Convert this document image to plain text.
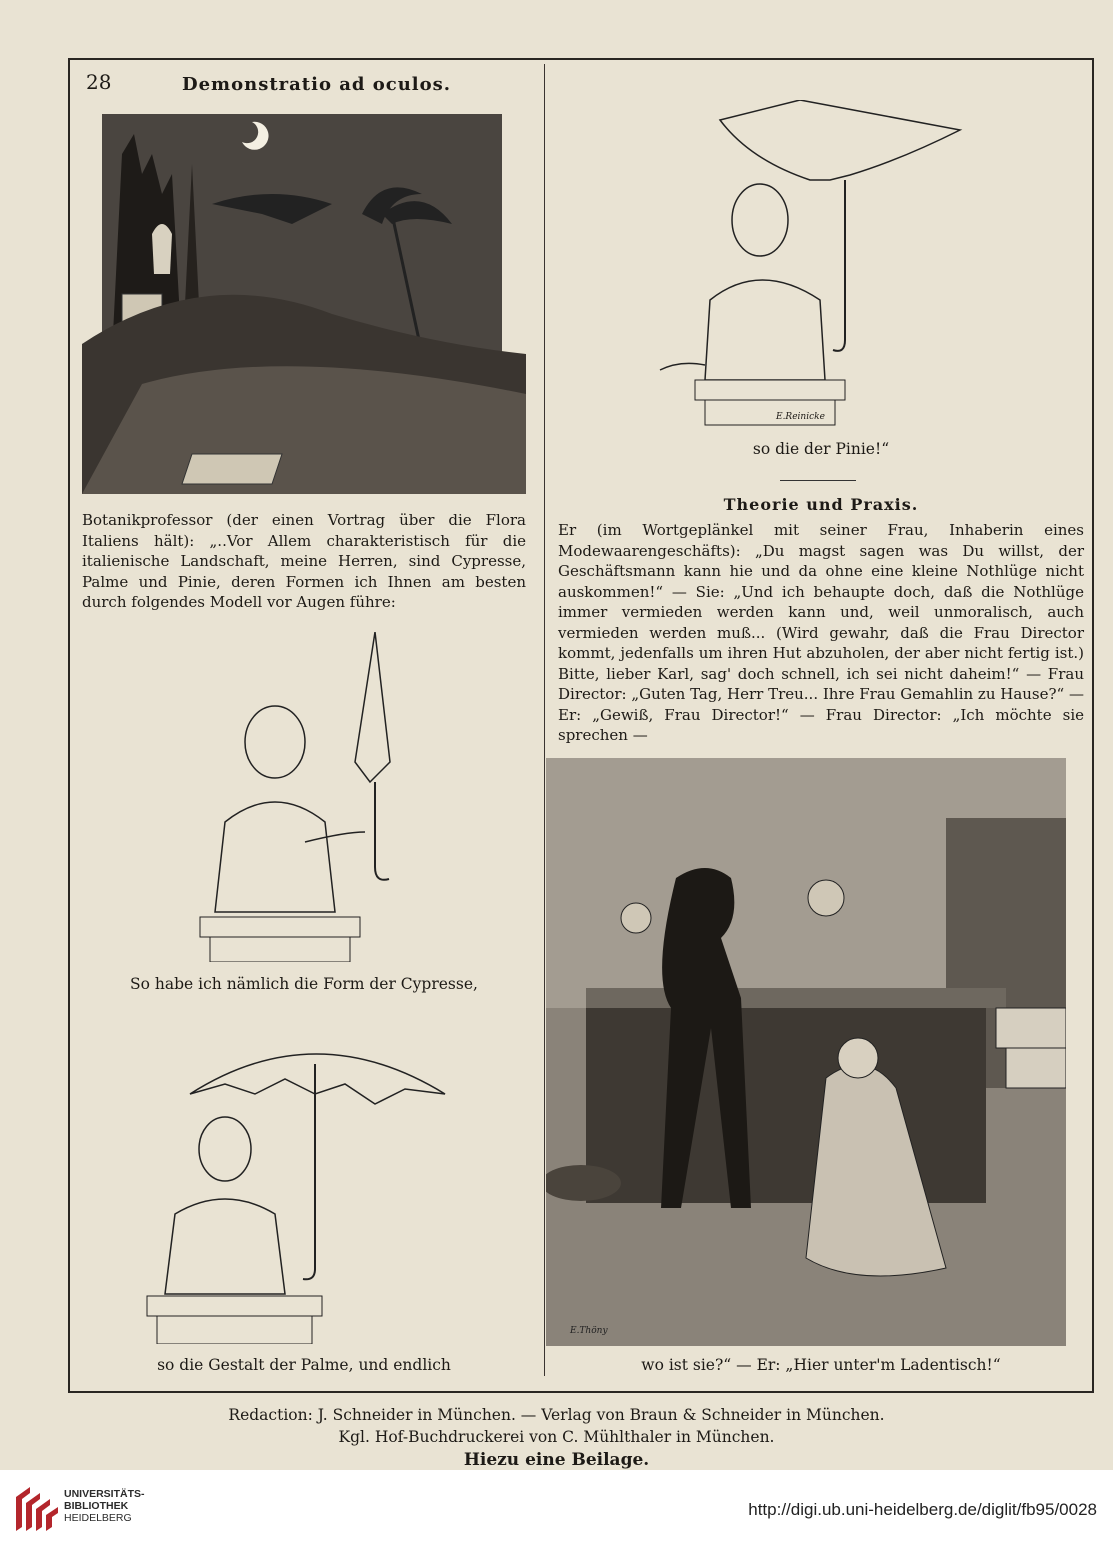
28	Demonstratio ad oculos.
Botanikprofessor (der einen Vortrag über die Flora Italiens hält): „..Vor Allem charakteristisch für die italienische Landschaft, meine Herren, sind Cypresse, Palme und Pinie, deren Formen ich Ihnen am besten durch folgendes Modell vor Augen führe:
So habe ich nämlich die Form der Cypresse,
so die Gestalt der Palme, und endlich
E.Reinicke
so die der Pinie!“
Theorie und Praxis.
Er (im Wortgeplänkel mit seiner Frau, Inhaberin eines Modewaarengeschäfts): „Du magst sagen was Du willst, der Geschäftsmann kann hie und da ohne eine kleine Nothlüge nicht auskommen!“ — Sie: „Und ich behaupte doch, daß die Nothlüge immer vermieden werden kann und, weil unmoralisch, auch vermieden werden muß... (Wird gewahr, daß die Frau Director kommt, jedenfalls um ihren Hut abzuholen, der aber nicht fertig ist.) Bitte, lieber Karl, sag' doch schnell, ich sei nicht daheim!“ — Frau Director: „Guten Tag, Herr Treu... Ihre Frau Gemahlin zu Hause?“ — Er: „Gewiß, Frau Director!“ — Frau Director: „Ich möchte sie sprechen —
E.Thöny
wo ist sie?“ — Er: „Hier unter'm Ladentisch!“
Redaction: J. Schneider in München. — Verlag von Braun & Schneider in München.
Kgl. Hof-Buchdruckerei von C. Mühlthaler in München.
Hiezu eine Beilage.
UNIVERSITÄTS-
BIBLIOTHEK
HEIDELBERG	http://digi.ub.uni-heidelberg.de/diglit/fb95/0028
